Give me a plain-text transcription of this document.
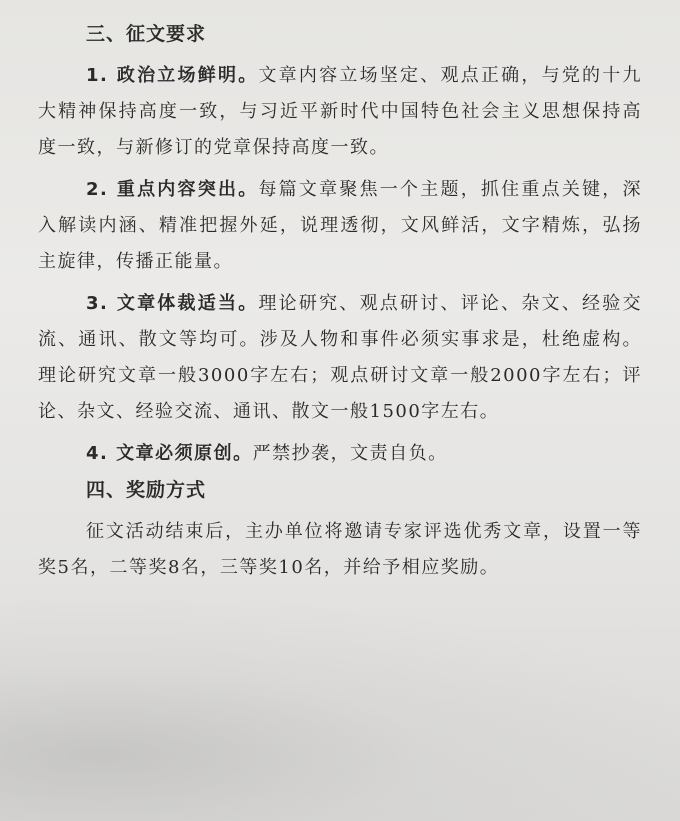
三、征文要求

1. 政治立场鲜明。文章内容立场坚定、观点正确，与党的十九大精神保持高度一致，与习近平新时代中国特色社会主义思想保持高度一致，与新修订的党章保持高度一致。

2. 重点内容突出。每篇文章聚焦一个主题，抓住重点关键，深入解读内涵、精准把握外延，说理透彻，文风鲜活，文字精炼，弘扬主旋律，传播正能量。

3. 文章体裁适当。理论研究、观点研讨、评论、杂文、经验交流、通讯、散文等均可。涉及人物和事件必须实事求是，杜绝虚构。理论研究文章一般3000字左右；观点研讨文章一般2000字左右；评论、杂文、经验交流、通讯、散文一般1500字左右。

4. 文章必须原创。严禁抄袭，文责自负。

四、奖励方式

征文活动结束后，主办单位将邀请专家评选优秀文章，设置一等奖5名，二等奖8名，三等奖10名，并给予相应奖励。
